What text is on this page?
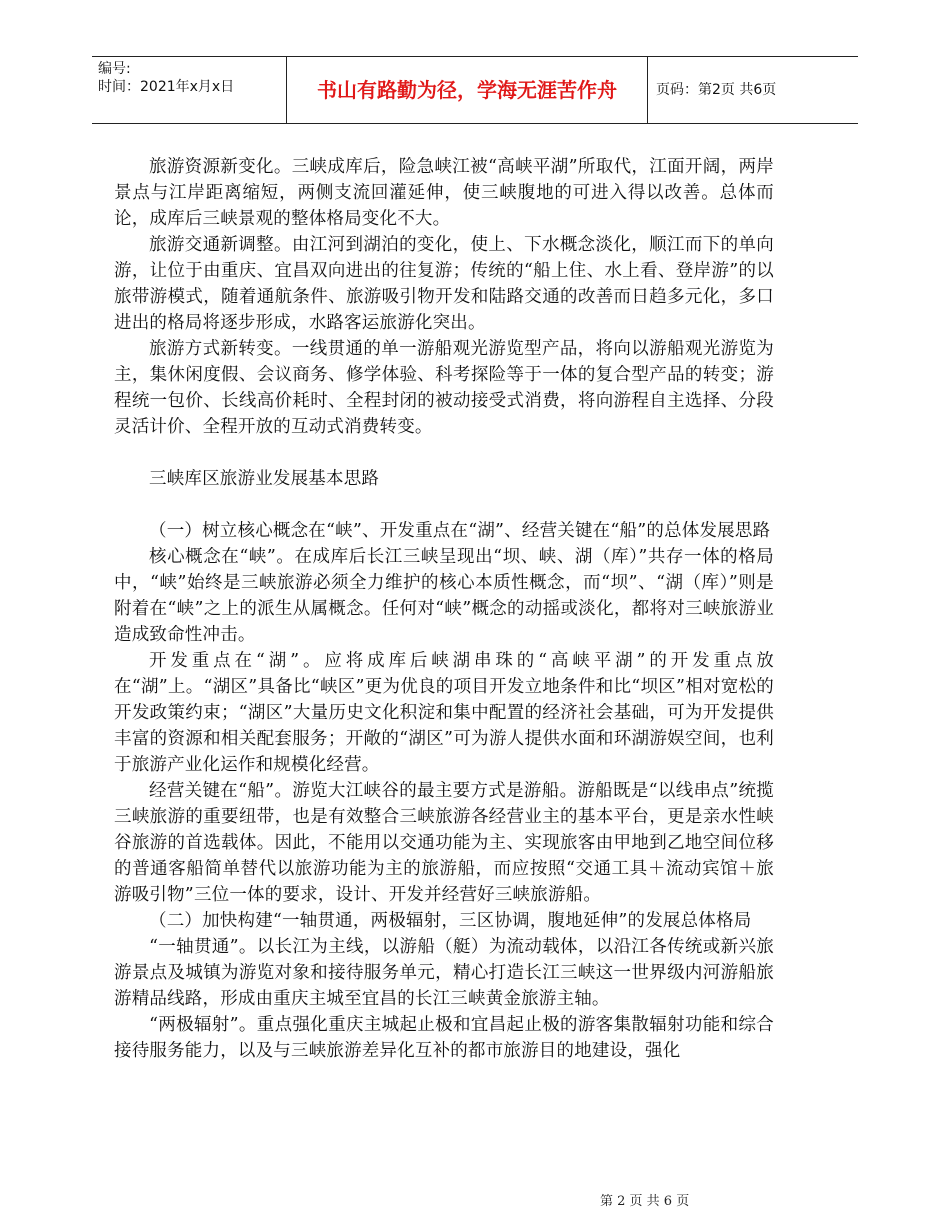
编号:
时间：2021年x月x日	书山有路勤为径，学海无涯苦作舟	页码：第2页 共6页

旅游资源新变化。三峡成库后，险急峡江被“高峡平湖”所取代，江面开阔，两岸景点与江岸距离缩短，两侧支流回灌延伸，使三峡腹地的可进入得以改善。总体而论，成库后三峡景观的整体格局变化不大。

旅游交通新调整。由江河到湖泊的变化，使上、下水概念淡化，顺江而下的单向游，让位于由重庆、宜昌双向进出的往复游；传统的“船上住、水上看、登岸游”的以旅带游模式，随着通航条件、旅游吸引物开发和陆路交通的改善而日趋多元化，多口进出的格局将逐步形成，水路客运旅游化突出。

旅游方式新转变。一线贯通的单一游船观光游览型产品，将向以游船观光游览为主，集休闲度假、会议商务、修学体验、科考探险等于一体的复合型产品的转变；游程统一包价、长线高价耗时、全程封闭的被动接受式消费，将向游程自主选择、分段灵活计价、全程开放的互动式消费转变。

三峡库区旅游业发展基本思路

（一）树立核心概念在“峡”、开发重点在“湖”、经营关键在“船”的总体发展思路

核心概念在“峡”。在成库后长江三峡呈现出“坝、峡、湖（库）”共存一体的格局中，“峡”始终是三峡旅游必须全力维护的核心本质性概念，而“坝”、“湖（库）”则是附着在“峡”之上的派生从属概念。任何对“峡”概念的动摇或淡化，都将对三峡旅游业造成致命性冲击。

开发重点在“湖”。应将成库后峡湖串珠的“高峡平湖”的开发重点放在“湖”上。“湖区”具备比“峡区”更为优良的项目开发立地条件和比“坝区”相对宽松的开发政策约束；“湖区”大量历史文化积淀和集中配置的经济社会基础，可为开发提供丰富的资源和相关配套服务；开敞的“湖区”可为游人提供水面和环湖游娱空间，也利于旅游产业化运作和规模化经营。

经营关键在“船”。游览大江峡谷的最主要方式是游船。游船既是“以线串点”统揽三峡旅游的重要纽带，也是有效整合三峡旅游各经营业主的基本平台，更是亲水性峡谷旅游的首选载体。因此，不能用以交通功能为主、实现旅客由甲地到乙地空间位移的普通客船简单替代以旅游功能为主的旅游船，而应按照“交通工具＋流动宾馆＋旅游吸引物”三位一体的要求，设计、开发并经营好三峡旅游船。

（二）加快构建“一轴贯通，两极辐射，三区协调，腹地延伸”的发展总体格局

“一轴贯通”。以长江为主线，以游船（艇）为流动载体，以沿江各传统或新兴旅游景点及城镇为游览对象和接待服务单元，精心打造长江三峡这一世界级内河游船旅游精品线路，形成由重庆主城至宜昌的长江三峡黄金旅游主轴。

“两极辐射”。重点强化重庆主城起止极和宜昌起止极的游客集散辐射功能和综合接待服务能力，以及与三峡旅游差异化互补的都市旅游目的地建设，强化

第 2 页 共 6 页
